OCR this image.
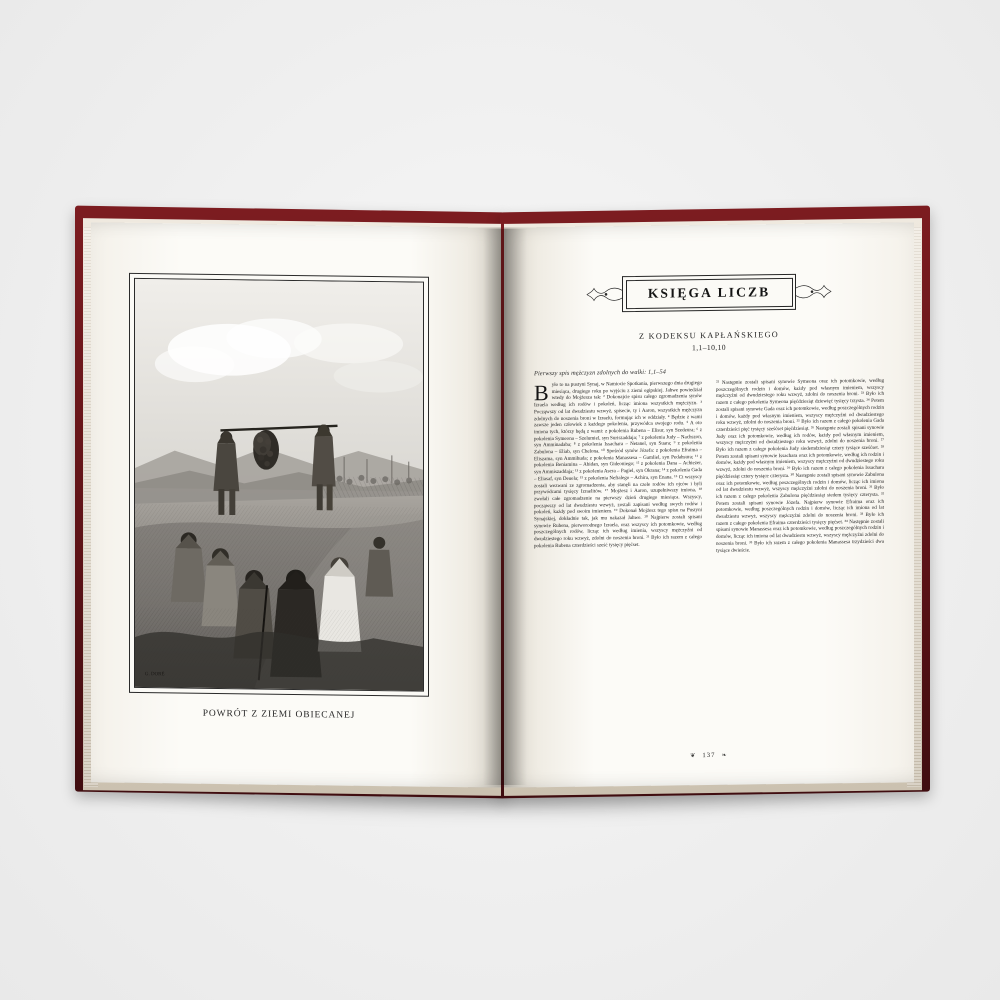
G. DORÉ
POWRÓT Z ZIEMI OBIECANEJ
KSIĘGA LICZB
Z KODEKSU KAPŁAŃSKIEGO
1,1–10,10
Pierwszy spis mężczyzn zdolnych do walki: 1,1–54

Było to na pustyni Synaj, w Namiocie Spotkania, pierwszego dnia drugiego miesiąca, drugiego roku po wyjściu z ziemi egipskiej. Jahwe powiedział wtedy do Mojżesza tak: ² Dokonajcie spisu całego zgromadzenia synów Izraela według ich rodów i pokoleń, licząc imiona wszystkich mężczyzn. ³ Począwszy od lat dwudziestu wzwyż, spisecie, ty i Aaron, wszystkich mężczyzn zdolnych do noszenia broni w Izraelu, formując ich w oddziały. ⁴ Będzie z wami zawsze jeden człowiek z każdego pokolenia, przywódca swojego rodu. ⁵ A oto imiona tych, którzy będą z wami: z pokolenia Rubena – Elisur, syn Szedeura; ⁶ z pokolenia Symeona – Szelumiel, syn Suriszaddaja; ⁷ z pokolenia Judy – Nachszon, syn Amminadaba; ⁸ z pokolenia Issachara – Netanel, syn Suara; ⁹ z pokolenia Zabulona – Eliab, syn Chelona. ¹⁰ Spośród synów Józefa: z pokolenia Efraima – Eliszama, syn Ammihuda; z pokolenia Manassesa – Gamliel, syn Pedahsura; ¹¹ z pokolenia Beniamina – Abidan, syn Gideoniego; ¹² z pokolenia Dana – Achiezer, syn Ammiszaddaja; ¹³ z pokolenia Asera – Pagiel, syn Okrana; ¹⁴ z pokolenia Gada – Eliasaf, syn Deuela; ¹⁵ z pokolenia Neftalego – Achira, syn Enana. ¹⁶ Ci wszyscy zostali wezwani ze zgromadzenia, aby stanęli na czele rodów ich ojców i byli przywódcami tysięcy Izraelitów. ¹⁷ Mojżesz i Aaron, uzupełniwszy imiona, ¹⁸ zwołali całe zgromadzenie na pierwszy dzień drugiego miesiąca. Wszyscy, począwszy od lat dwudziestu wzwyż, zostali zapisani według swych rodów i pokoleń, każdy pod swoim imieniem. ¹⁹ Dokonał Mojżesz tego spisu na Pustyni Synajskiej, dokładnie tak, jak mu nakazał Jahwe. ²⁰ Najpierw zostali spisani synowie Rubena, pierworodnego Izraela, oraz wszyscy ich potomkowie, według poszczególnych rodów, licząc ich według imienia, wszyscy mężczyźni od dwudziestego roku wzwyż, zdolni do noszenia broni. ²¹ Było ich razem z całego pokolenia Rubena czterdzieści sześć tysięcy pięćset.

²² Następnie zostali spisani synowie Symeona oraz ich potomkowie, według poszczególnych rodzin i domów, każdy pod własnym imieniem, wszyscy mężczyźni od dwudziestego roku wzwyż, zdolni do noszenia broni. ²³ Było ich razem z całego pokolenia Symeona pięćdziesiąt dziewięć tysięcy trzysta. ²⁴ Potem zostali spisani synowie Gada oraz ich potomkowie, według poszczególnych rodzin i domów, każdy pod własnym imieniem, wszyscy mężczyźni od dwudziestego roku wzwyż, zdolni do noszenia broni. ²⁵ Było ich razem z całego pokolenia Gada czterdzieści pięć tysięcy sześćset pięćdziesiąt. ²⁶ Następnie zostali spisani synowie Judy oraz ich potomkowie, według ich rodów, każdy pod własnym imieniem, wszyscy mężczyźni od dwudziestego roku wzwyż, zdolni do noszenia broni. ²⁷ Było ich razem z całego pokolenia Judy siedemdziesiąt cztery tysiące sześćset. ²⁸ Potem zostali spisani synowie Issachara oraz ich potomkowie, według ich rodzin i domów, każdy pod własnym imieniem, wszyscy mężczyźni od dwudziestego roku wzwyż, zdolni do noszenia broni. ²⁹ Było ich razem z całego pokolenia Issachara pięćdziesiąt cztery tysiące czterysta. ³⁰ Następnie zostali spisani synowie Zabulona oraz ich potomkowie, według poszczególnych rodzin i domów, licząc ich imiona od lat dwudziestu wzwyż, wszyscy mężczyźni zdolni do noszenia broni. ³¹ Było ich razem z całego pokolenia Zabulona pięćdziesiąt siedem tysięcy czterysta. ³² Potem zostali spisani synowie Józefa. Najpierw synowie Efraima oraz ich potomkowie, według poszczególnych rodzin i domów, licząc ich imiona od lat dwudziestu wzwyż, wszyscy mężczyźni zdolni do noszenia broni. ³³ Było ich razem z całego pokolenia Efraima czterdzieści tysięcy pięćset. ³⁴ Następnie zostali spisani synowie Manassesa oraz ich potomkowie, według poszczególnych rodzin i domów, licząc ich imiona od lat dwudziestu wzwyż, wszyscy mężczyźni zdolni do noszenia broni. ³⁵ Było ich razem z całego pokolenia Manassesa trzydzieści dwa tysiące dwieście.

❦ 137 ❧
